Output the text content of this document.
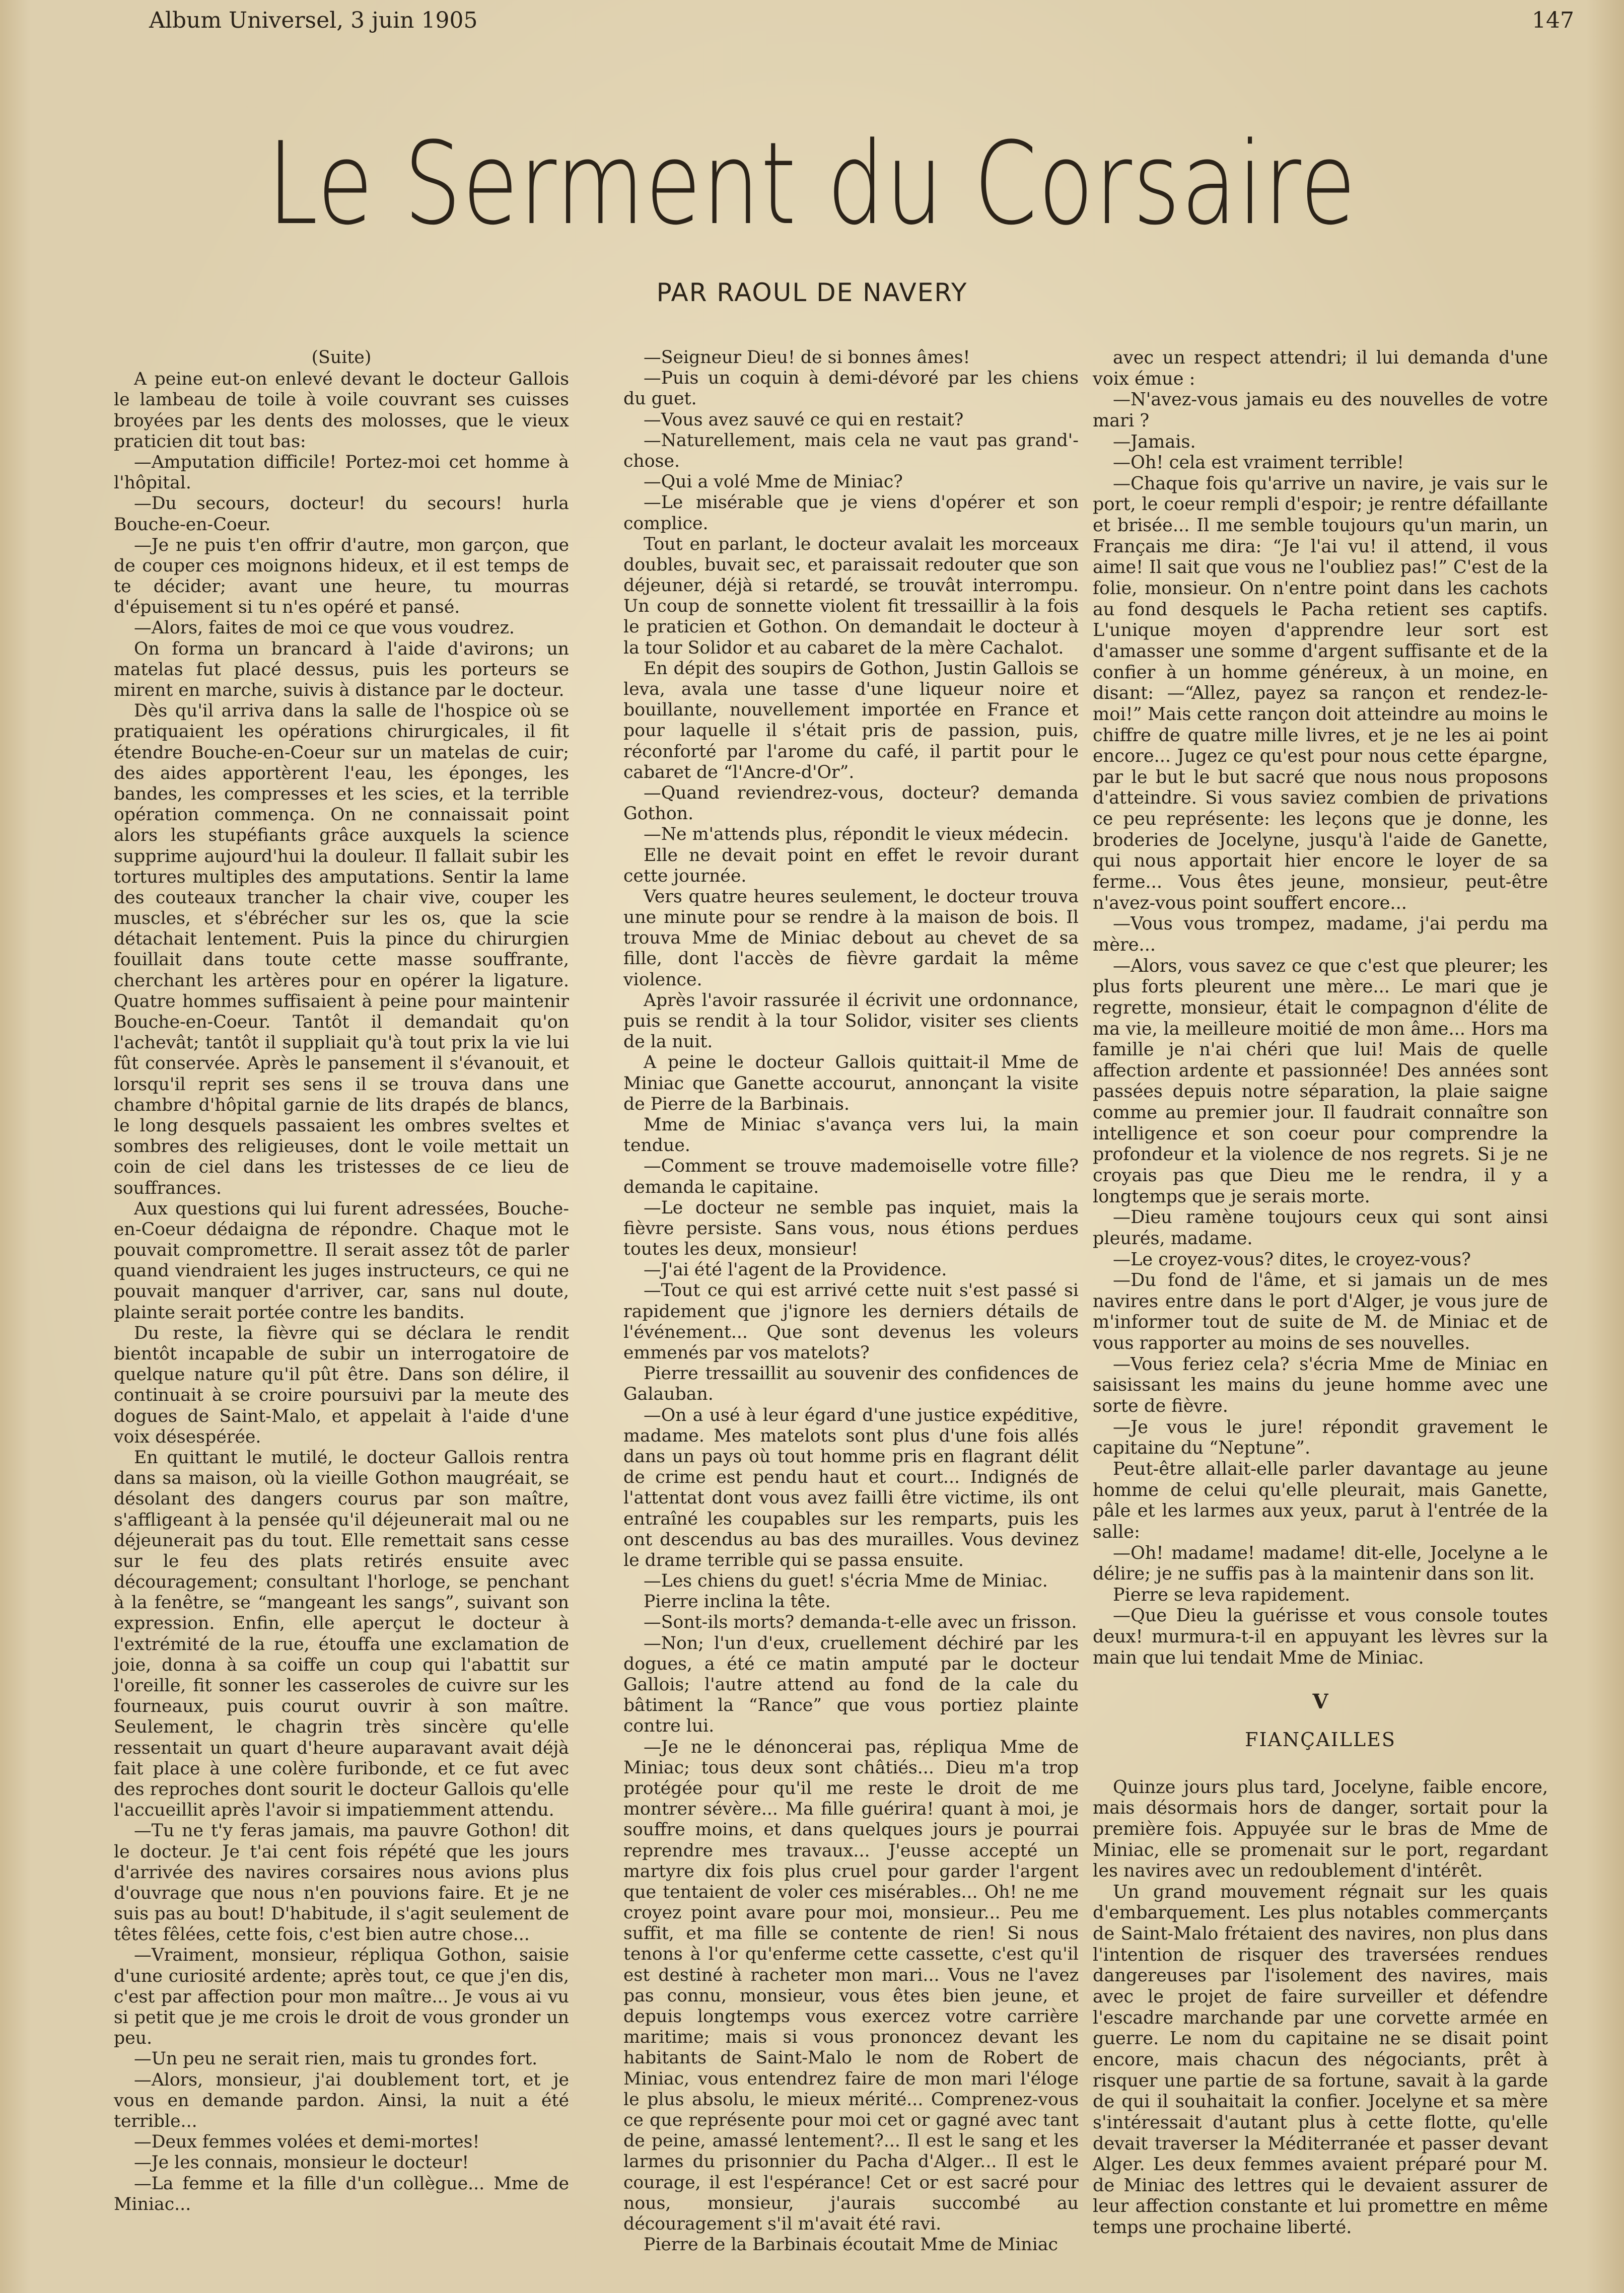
Album Universel, 3 juin 1905	147
Le Serment du Corsaire
PAR RAOUL DE NAVERY

(Suite)

A peine eut-on enlevé devant le docteur Gallois le lambeau de toile à voile couvrant ses cuisses broyées par les dents des molosses, que le vieux praticien dit tout bas:

—Amputation difficile! Portez-moi cet homme à l'hôpital.

—Du secours, docteur! du secours! hurla Bouche-en-Coeur.

—Je ne puis t'en offrir d'autre, mon garçon, que de couper ces moignons hideux, et il est temps de te décider; avant une heure, tu mourras d'épuisement si tu n'es opéré et pansé.

—Alors, faites de moi ce que vous voudrez.

On forma un brancard à l'aide d'avirons; un matelas fut placé dessus, puis les porteurs se mirent en marche, suivis à distance par le docteur.

Dès qu'il arriva dans la salle de l'hospice où se pratiquaient les opérations chirurgicales, il fit étendre Bouche-en-Coeur sur un matelas de cuir; des aides apportèrent l'eau, les éponges, les bandes, les compresses et les scies, et la terrible opération commença. On ne connaissait point alors les stupéfiants grâce auxquels la science supprime aujourd'hui la douleur. Il fallait subir les tortures multiples des amputations. Sentir la lame des couteaux trancher la chair vive, couper les muscles, et s'ébrécher sur les os, que la scie détachait lentement. Puis la pince du chirurgien fouillait dans toute cette masse souffrante, cherchant les artères pour en opérer la ligature. Quatre hommes suffisaient à peine pour maintenir Bouche-en-Coeur. Tantôt il demandait qu'on l'achevât; tantôt il suppliait qu'à tout prix la vie lui fût conservée. Après le pansement il s'évanouit, et lorsqu'il reprit ses sens il se trouva dans une chambre d'hôpital garnie de lits drapés de blancs, le long desquels passaient les ombres sveltes et sombres des religieuses, dont le voile mettait un coin de ciel dans les tristesses de ce lieu de souffrances.

Aux questions qui lui furent adressées, Bouche-en-Coeur dédaigna de répondre. Chaque mot le pouvait compromettre. Il serait assez tôt de parler quand viendraient les juges instructeurs, ce qui ne pouvait manquer d'arriver, car, sans nul doute, plainte serait portée contre les bandits.

Du reste, la fièvre qui se déclara le rendit bientôt incapable de subir un interrogatoire de quelque nature qu'il pût être. Dans son délire, il continuait à se croire poursuivi par la meute des dogues de Saint-Malo, et appelait à l'aide d'une voix désespérée.

En quittant le mutilé, le docteur Gallois rentra dans sa maison, où la vieille Gothon maugréait, se désolant des dangers courus par son maître, s'affligeant à la pensée qu'il déjeunerait mal ou ne déjeunerait pas du tout. Elle remettait sans cesse sur le feu des plats retirés ensuite avec découragement; consultant l'horloge, se penchant à la fenêtre, se “mangeant les sangs”, suivant son expression. Enfin, elle aperçut le docteur à l'extrémité de la rue, étouffa une exclamation de joie, donna à sa coiffe un coup qui l'abattit sur l'oreille, fit sonner les casseroles de cuivre sur les fourneaux, puis courut ouvrir à son maître. Seulement, le chagrin très sincère qu'elle ressentait un quart d'heure auparavant avait déjà fait place à une colère furibonde, et ce fut avec des reproches dont sourit le docteur Gallois qu'elle l'accueillit après l'avoir si impatiemment attendu.

—Tu ne t'y feras jamais, ma pauvre Gothon! dit le docteur. Je t'ai cent fois répété que les jours d'arrivée des navires corsaires nous avions plus d'ouvrage que nous n'en pouvions faire. Et je ne suis pas au bout! D'habitude, il s'agit seulement de têtes fêlées, cette fois, c'est bien autre chose...

—Vraiment, monsieur, répliqua Gothon, saisie d'une curiosité ardente; après tout, ce que j'en dis, c'est par affection pour mon maître... Je vous ai vu si petit que je me crois le droit de vous gronder un peu.

—Un peu ne serait rien, mais tu grondes fort.

—Alors, monsieur, j'ai doublement tort, et je vous en demande pardon. Ainsi, la nuit a été terrible...

—Deux femmes volées et demi-mortes!

—Je les connais, monsieur le docteur!

—La femme et la fille d'un collègue... Mme de Miniac...

—Seigneur Dieu! de si bonnes âmes!

—Puis un coquin à demi-dévoré par les chiens du guet.

—Vous avez sauvé ce qui en restait?

—Naturellement, mais cela ne vaut pas grand'-chose.

—Qui a volé Mme de Miniac?

—Le misérable que je viens d'opérer et son complice.

Tout en parlant, le docteur avalait les morceaux doubles, buvait sec, et paraissait redouter que son déjeuner, déjà si retardé, se trouvât interrompu. Un coup de sonnette violent fit tressaillir à la fois le praticien et Gothon. On demandait le docteur à la tour Solidor et au cabaret de la mère Cachalot.

En dépit des soupirs de Gothon, Justin Gallois se leva, avala une tasse d'une liqueur noire et bouillante, nouvellement importée en France et pour laquelle il s'était pris de passion, puis, réconforté par l'arome du café, il partit pour le cabaret de “l'Ancre-d'Or”.

—Quand reviendrez-vous, docteur? demanda Gothon.

—Ne m'attends plus, répondit le vieux médecin.

Elle ne devait point en effet le revoir durant cette journée.

Vers quatre heures seulement, le docteur trouva une minute pour se rendre à la maison de bois. Il trouva Mme de Miniac debout au chevet de sa fille, dont l'accès de fièvre gardait la même violence.

Après l'avoir rassurée il écrivit une ordonnance, puis se rendit à la tour Solidor, visiter ses clients de la nuit.

A peine le docteur Gallois quittait-il Mme de Miniac que Ganette accourut, annonçant la visite de Pierre de la Barbinais.

Mme de Miniac s'avança vers lui, la main tendue.

—Comment se trouve mademoiselle votre fille? demanda le capitaine.

—Le docteur ne semble pas inquiet, mais la fièvre persiste. Sans vous, nous étions perdues toutes les deux, monsieur!

—J'ai été l'agent de la Providence.

—Tout ce qui est arrivé cette nuit s'est passé si rapidement que j'ignore les derniers détails de l'événement... Que sont devenus les voleurs emmenés par vos matelots?

Pierre tressaillit au souvenir des confidences de Galauban.

—On a usé à leur égard d'une justice expéditive, madame. Mes matelots sont plus d'une fois allés dans un pays où tout homme pris en flagrant délit de crime est pendu haut et court... Indignés de l'attentat dont vous avez failli être victime, ils ont entraîné les coupables sur les remparts, puis les ont descendus au bas des murailles. Vous devinez le drame terrible qui se passa ensuite.

—Les chiens du guet! s'écria Mme de Miniac.

Pierre inclina la tête.

—Sont-ils morts? demanda-t-elle avec un frisson.

—Non; l'un d'eux, cruellement déchiré par les dogues, a été ce matin amputé par le docteur Gallois; l'autre attend au fond de la cale du bâtiment la “Rance” que vous portiez plainte contre lui.

—Je ne le dénoncerai pas, répliqua Mme de Miniac; tous deux sont châtiés... Dieu m'a trop protégée pour qu'il me reste le droit de me montrer sévère... Ma fille guérira! quant à moi, je souffre moins, et dans quelques jours je pourrai reprendre mes travaux... J'eusse accepté un martyre dix fois plus cruel pour garder l'argent que tentaient de voler ces misérables... Oh! ne me croyez point avare pour moi, monsieur... Peu me suffit, et ma fille se contente de rien! Si nous tenons à l'or qu'enferme cette cassette, c'est qu'il est destiné à racheter mon mari... Vous ne l'avez pas connu, monsieur, vous êtes bien jeune, et depuis longtemps vous exercez votre carrière maritime; mais si vous prononcez devant les habitants de Saint-Malo le nom de Robert de Miniac, vous entendrez faire de mon mari l'éloge le plus absolu, le mieux mérité... Comprenez-vous ce que représente pour moi cet or gagné avec tant de peine, amassé lentement?... Il est le sang et les larmes du prisonnier du Pacha d'Alger... Il est le courage, il est l'espérance! Cet or est sacré pour nous, monsieur, j'aurais succombé au découragement s'il m'avait été ravi.

Pierre de la Barbinais écoutait Mme de Miniac

avec un respect attendri; il lui demanda d'une voix émue :

—N'avez-vous jamais eu des nouvelles de votre mari ?

—Jamais.

—Oh! cela est vraiment terrible!

—Chaque fois qu'arrive un navire, je vais sur le port, le coeur rempli d'espoir; je rentre défaillante et brisée... Il me semble toujours qu'un marin, un Français me dira: “Je l'ai vu! il attend, il vous aime! Il sait que vous ne l'oubliez pas!” C'est de la folie, monsieur. On n'entre point dans les cachots au fond desquels le Pacha retient ses captifs. L'unique moyen d'apprendre leur sort est d'amasser une somme d'argent suffisante et de la confier à un homme généreux, à un moine, en disant: —“Allez, payez sa rançon et rendez-le-moi!” Mais cette rançon doit atteindre au moins le chiffre de quatre mille livres, et je ne les ai point encore... Jugez ce qu'est pour nous cette épargne, par le but le but sacré que nous nous proposons d'atteindre. Si vous saviez combien de privations ce peu représente: les leçons que je donne, les broderies de Jocelyne, jusqu'à l'aide de Ganette, qui nous apportait hier encore le loyer de sa ferme... Vous êtes jeune, monsieur, peut-être n'avez-vous point souffert encore...

—Vous vous trompez, madame, j'ai perdu ma mère...

—Alors, vous savez ce que c'est que pleurer; les plus forts pleurent une mère... Le mari que je regrette, monsieur, était le compagnon d'élite de ma vie, la meilleure moitié de mon âme... Hors ma famille je n'ai chéri que lui! Mais de quelle affection ardente et passionnée! Des années sont passées depuis notre séparation, la plaie saigne comme au premier jour. Il faudrait connaître son intelligence et son coeur pour comprendre la profondeur et la violence de nos regrets. Si je ne croyais pas que Dieu me le rendra, il y a longtemps que je serais morte.

—Dieu ramène toujours ceux qui sont ainsi pleurés, madame.

—Le croyez-vous? dites, le croyez-vous?

—Du fond de l'âme, et si jamais un de mes navires entre dans le port d'Alger, je vous jure de m'informer tout de suite de M. de Miniac et de vous rapporter au moins de ses nouvelles.

—Vous feriez cela? s'écria Mme de Miniac en saisissant les mains du jeune homme avec une sorte de fièvre.

—Je vous le jure! répondit gravement le capitaine du “Neptune”.

Peut-être allait-elle parler davantage au jeune homme de celui qu'elle pleurait, mais Ganette, pâle et les larmes aux yeux, parut à l'entrée de la salle:

—Oh! madame! madame! dit-elle, Jocelyne a le délire; je ne suffis pas à la maintenir dans son lit.

Pierre se leva rapidement.

—Que Dieu la guérisse et vous console toutes deux! murmura-t-il en appuyant les lèvres sur la main que lui tendait Mme de Miniac.

V

FIANÇAILLES

Quinze jours plus tard, Jocelyne, faible encore, mais désormais hors de danger, sortait pour la première fois. Appuyée sur le bras de Mme de Miniac, elle se promenait sur le port, regardant les navires avec un redoublement d'intérêt.

Un grand mouvement régnait sur les quais d'embarquement. Les plus notables commerçants de Saint-Malo frétaient des navires, non plus dans l'intention de risquer des traversées rendues dangereuses par l'isolement des navires, mais avec le projet de faire surveiller et défendre l'escadre marchande par une corvette armée en guerre. Le nom du capitaine ne se disait point encore, mais chacun des négociants, prêt à risquer une partie de sa fortune, savait à la garde de qui il souhaitait la confier. Jocelyne et sa mère s'intéressait d'autant plus à cette flotte, qu'elle devait traverser la Méditerranée et passer devant Alger. Les deux femmes avaient préparé pour M. de Miniac des lettres qui le devaient assurer de leur affection constante et lui promettre en même temps une prochaine liberté.
